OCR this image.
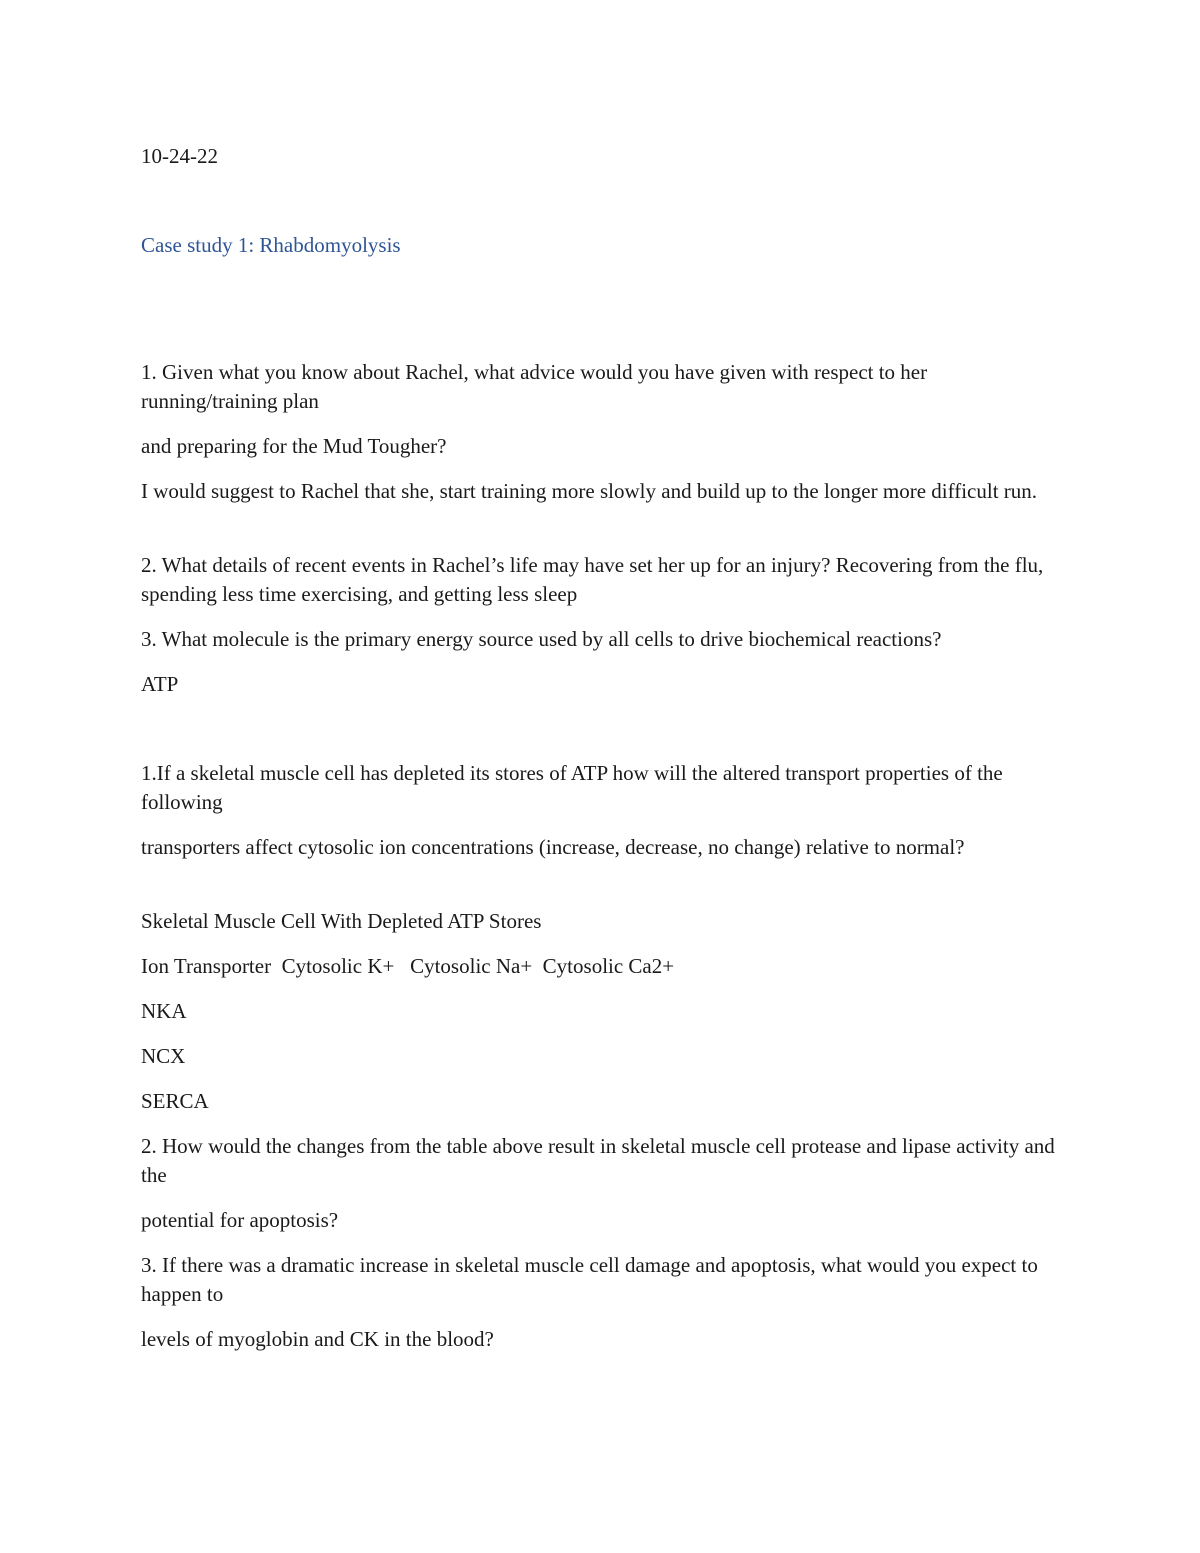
10-24-22
Case study 1: Rhabdomyolysis
1. Given what you know about Rachel, what advice would you have given with respect to her running/training plan
and preparing for the Mud Tougher?
I would suggest to Rachel that she, start training more slowly and build up to the longer more difficult run.
2. What details of recent events in Rachel’s life may have set her up for an injury? Recovering from the flu, spending less time exercising, and getting less sleep
3. What molecule is the primary energy source used by all cells to drive biochemical reactions?
ATP
1.If a skeletal muscle cell has depleted its stores of ATP how will the altered transport properties of the following
transporters affect cytosolic ion concentrations (increase, decrease, no change) relative to normal?
Skeletal Muscle Cell With Depleted ATP Stores
Ion Transporter  Cytosolic K+   Cytosolic Na+  Cytosolic Ca2+
NKA
NCX
SERCA
2. How would the changes from the table above result in skeletal muscle cell protease and lipase activity and the
potential for apoptosis?
3. If there was a dramatic increase in skeletal muscle cell damage and apoptosis, what would you expect to happen to
levels of myoglobin and CK in the blood?
